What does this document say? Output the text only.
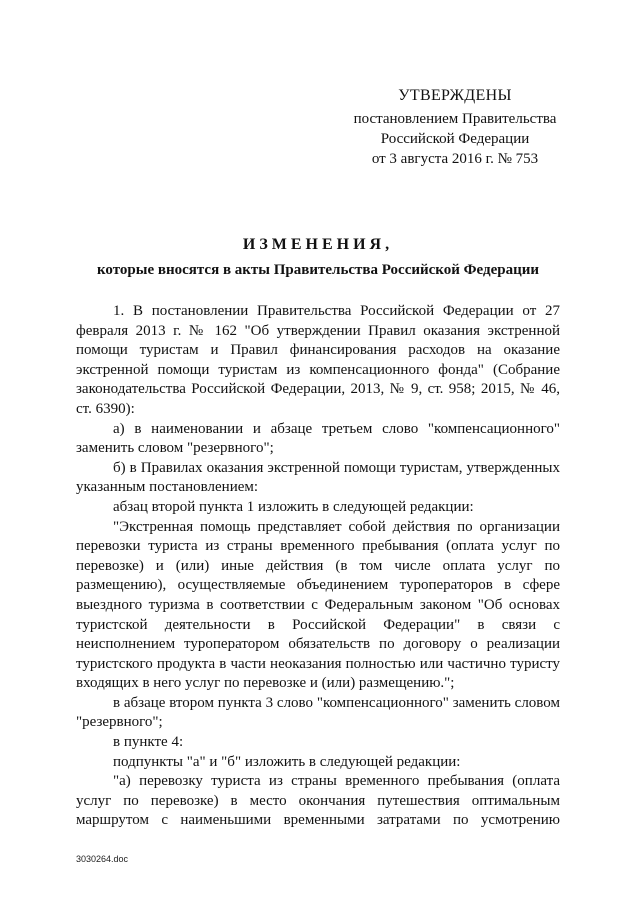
УТВЕРЖДЕНЫ
постановлением Правительства
Российской Федерации
от 3 августа 2016 г. № 753
ИЗМЕНЕНИЯ,
которые вносятся в акты Правительства Российской Федерации

1. В постановлении Правительства Российской Федерации от 27 февраля 2013 г. № 162 "Об утверждении Правил оказания экстренной помощи туристам и Правил финансирования расходов на оказание экстренной помощи туристам из компенсационного фонда" (Собрание законодательства Российской Федерации, 2013, № 9, ст. 958; 2015, № 46, ст. 6390):

а) в наименовании и абзаце третьем слово "компенсационного" заменить словом "резервного";

б) в Правилах оказания экстренной помощи туристам, утвержденных указанным постановлением:

абзац второй пункта 1 изложить в следующей редакции:

"Экстренная помощь представляет собой действия по организации перевозки туриста из страны временного пребывания (оплата услуг по перевозке) и (или) иные действия (в том числе оплата услуг по размещению), осуществляемые объединением туроператоров в сфере выездного туризма в соответствии с Федеральным законом "Об основах туристской деятельности в Российской Федерации" в связи с неисполнением туроператором обязательств по договору о реализации туристского продукта в части неоказания полностью или частично туристу входящих в него услуг по перевозке и (или) размещению.";

в абзаце втором пункта 3 слово "компенсационного" заменить словом "резервного";

в пункте 4:

подпункты "а" и "б" изложить в следующей редакции:

"а) перевозку туриста из страны временного пребывания (оплата услуг по перевозке) в место окончания путешествия оптимальным маршрутом с наименьшими временными затратами по усмотрению

3030264.doc
